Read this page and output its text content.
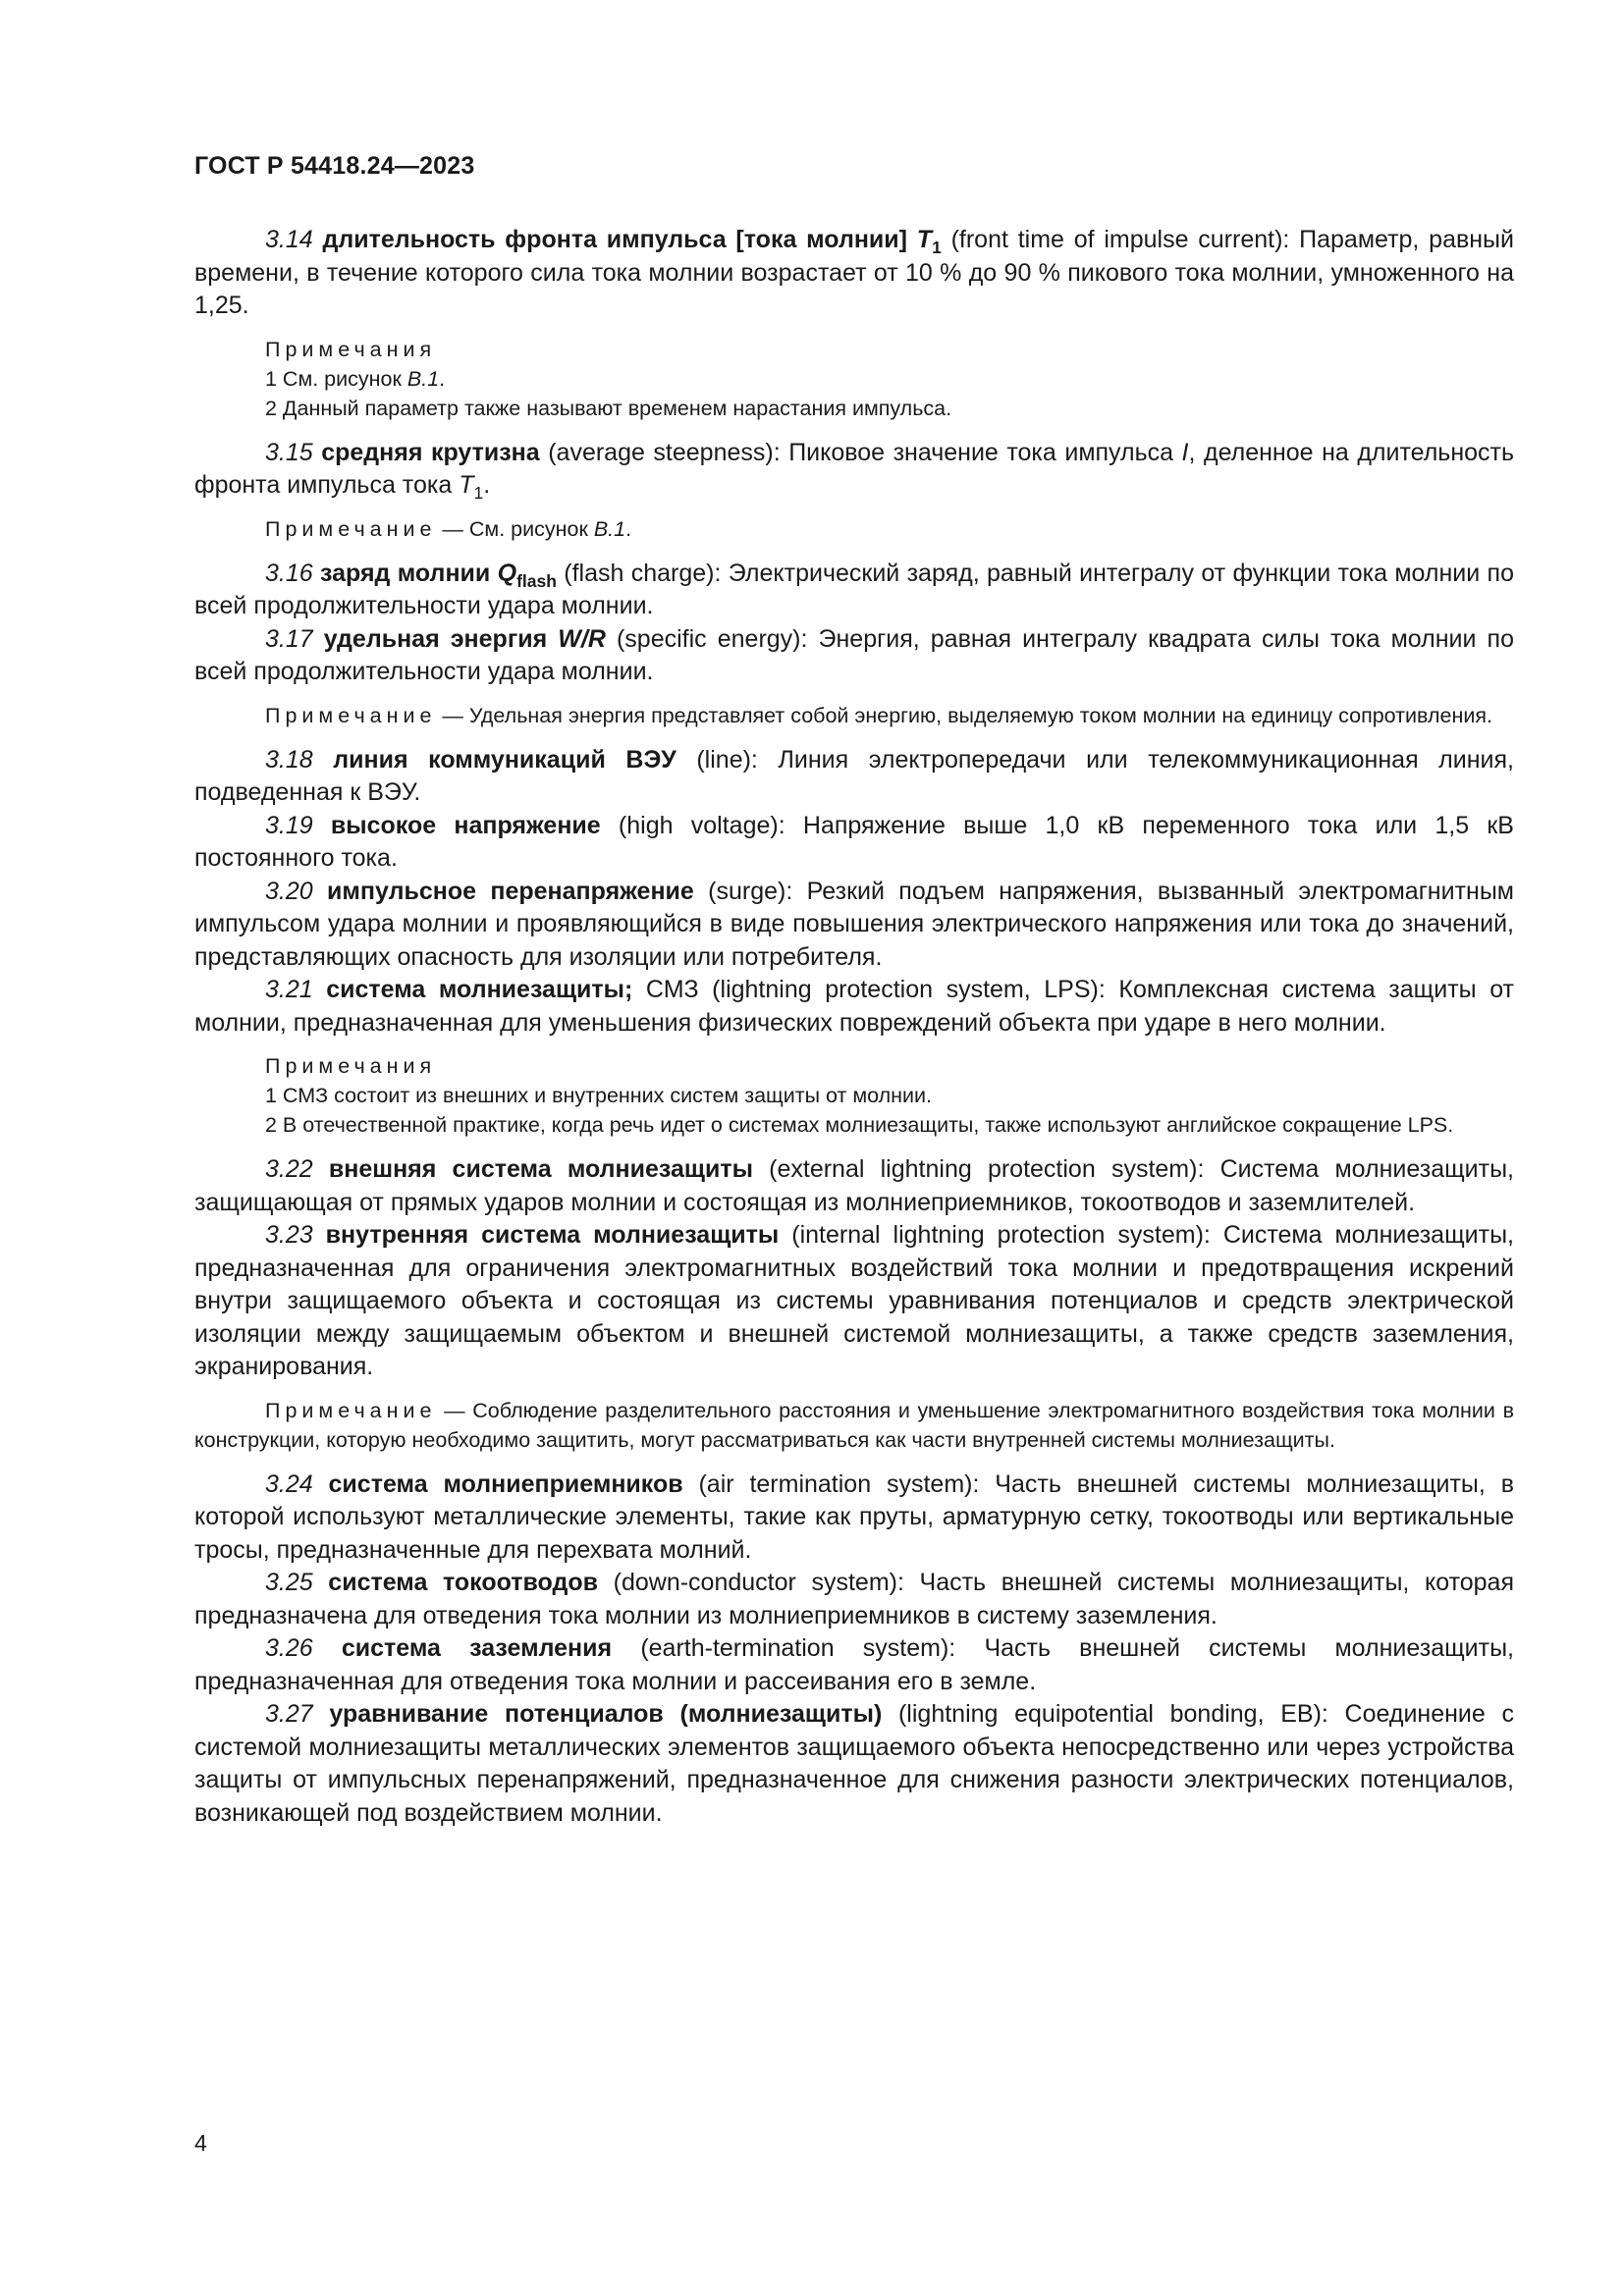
ГОСТ Р 54418.24—2023

3.14 длительность фронта импульса [тока молнии] $T_1$ (front time of impulse current): Параметр, равный времени, в течение которого сила тока молнии возрастает от 10 % до 90 % пикового тока молнии, умноженного на 1,25.

Примечания

1 См. рисунок В.1.

2 Данный параметр также называют временем нарастания импульса.

3.15 средняя крутизна (average steepness): Пиковое значение тока импульса I, деленное на длительность фронта импульса тока $T_1$.

Примечание — См. рисунок В.1.

3.16 заряд молнии $Q_{flash}$ (flash charge): Электрический заряд, равный интегралу от функции тока молнии по всей продолжительности удара молнии.

3.17 удельная энергия W/R (specific energy): Энергия, равная интегралу квадрата силы тока молнии по всей продолжительности удара молнии.

Примечание — Удельная энергия представляет собой энергию, выделяемую током молнии на единицу сопротивления.

3.18 линия коммуникаций ВЭУ (line): Линия электропередачи или телекоммуникационная линия, подведенная к ВЭУ.

3.19 высокое напряжение (high voltage): Напряжение выше 1,0 кВ переменного тока или 1,5 кВ постоянного тока.

3.20 импульсное перенапряжение (surge): Резкий подъем напряжения, вызванный электромагнитным импульсом удара молнии и проявляющийся в виде повышения электрического напряжения или тока до значений, представляющих опасность для изоляции или потребителя.

3.21 система молниезащиты; СМЗ (lightning protection system, LPS): Комплексная система защиты от молнии, предназначенная для уменьшения физических повреждений объекта при ударе в него молнии.

Примечания

1 СМЗ состоит из внешних и внутренних систем защиты от молнии.

2 В отечественной практике, когда речь идет о системах молниезащиты, также используют английское сокращение LPS.

3.22 внешняя система молниезащиты (external lightning protection system): Система молниезащиты, защищающая от прямых ударов молнии и состоящая из молниеприемников, токоотводов и заземлителей.

3.23 внутренняя система молниезащиты (internal lightning protection system): Система молниезащиты, предназначенная для ограничения электромагнитных воздействий тока молнии и предотвращения искрений внутри защищаемого объекта и состоящая из системы уравнивания потенциалов и средств электрической изоляции между защищаемым объектом и внешней системой молниезащиты, а также средств заземления, экранирования.

Примечание — Соблюдение разделительного расстояния и уменьшение электромагнитного воздействия тока молнии в конструкции, которую необходимо защитить, могут рассматриваться как части внутренней системы молниезащиты.

3.24 система молниеприемников (air termination system): Часть внешней системы молниезащиты, в которой используют металлические элементы, такие как пруты, арматурную сетку, токоотводы или вертикальные тросы, предназначенные для перехвата молний.

3.25 система токоотводов (down-conductor system): Часть внешней системы молниезащиты, которая предназначена для отведения тока молнии из молниеприемников в систему заземления.

3.26 система заземления (earth-termination system): Часть внешней системы молниезащиты, предназначенная для отведения тока молнии и рассеивания его в земле.

3.27 уравнивание потенциалов (молниезащиты) (lightning equipotential bonding, EB): Соединение с системой молниезащиты металлических элементов защищаемого объекта непосредственно или через устройства защиты от импульсных перенапряжений, предназначенное для снижения разности электрических потенциалов, возникающей под воздействием молнии.

4
